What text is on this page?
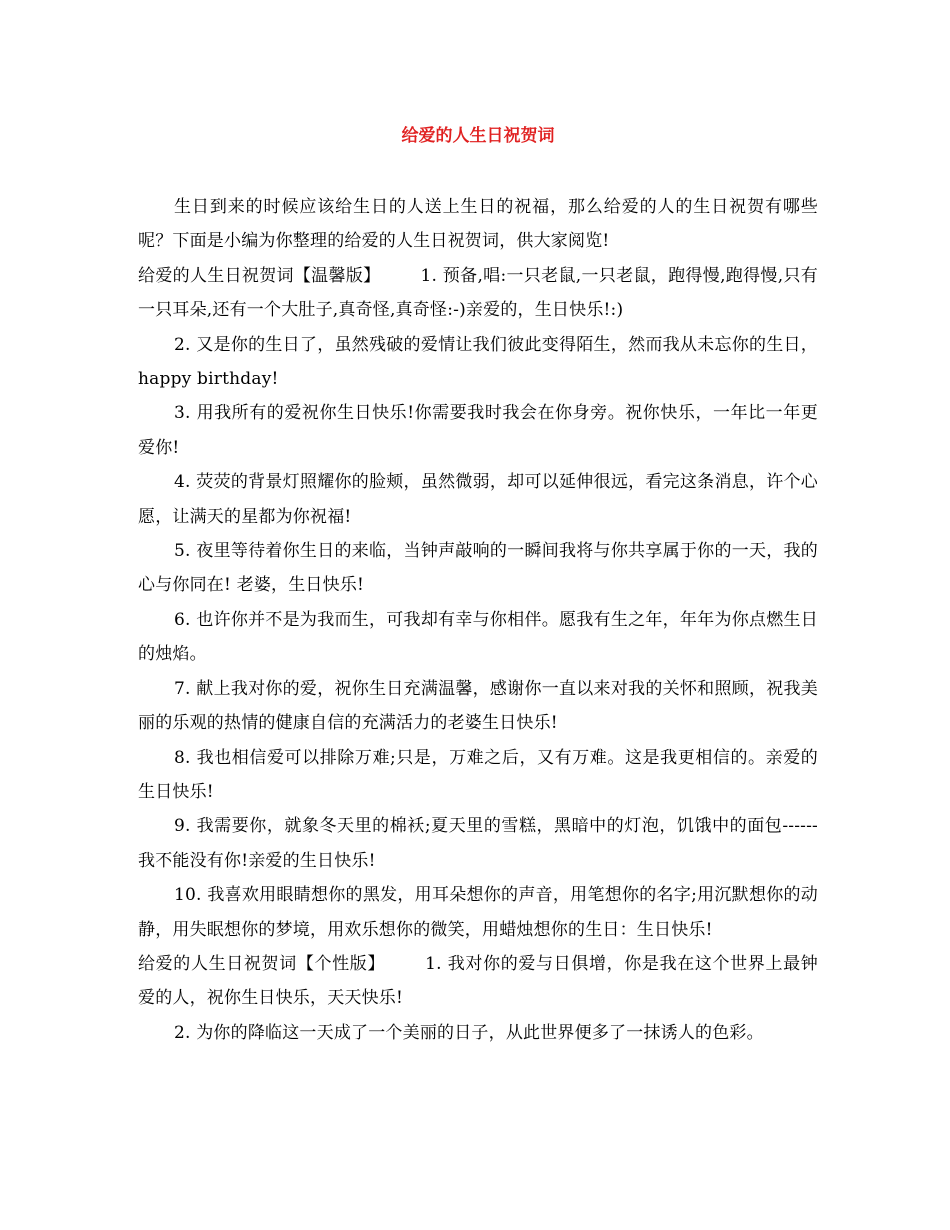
给爱的人生日祝贺词

生日到来的时候应该给生日的人送上生日的祝福，那么给爱的人的生日祝贺有哪些呢？下面是小编为你整理的给爱的人生日祝贺词，供大家阅览!

给爱的人生日祝贺词【温馨版】 1. 预备,唱:一只老鼠,一只老鼠，跑得慢,跑得慢,只有一只耳朵,还有一个大肚子,真奇怪,真奇怪:-)亲爱的，生日快乐!:)

2. 又是你的生日了，虽然残破的爱情让我们彼此变得陌生，然而我从未忘你的生日， happy birthday!

3. 用我所有的爱祝你生日快乐!你需要我时我会在你身旁。祝你快乐，一年比一年更爱你!

4. 荧荧的背景灯照耀你的脸颊，虽然微弱，却可以延伸很远，看完这条消息，许个心愿，让满天的星都为你祝福!

5. 夜里等待着你生日的来临，当钟声敲响的一瞬间我将与你共享属于你的一天，我的心与你同在! 老婆，生日快乐!

6. 也许你并不是为我而生，可我却有幸与你相伴。愿我有生之年，年年为你点燃生日的烛焰。

7. 献上我对你的爱，祝你生日充满温馨，感谢你一直以来对我的关怀和照顾，祝我美丽的乐观的热情的健康自信的充满活力的老婆生日快乐!

8. 我也相信爱可以排除万难;只是，万难之后，又有万难。这是我更相信的。亲爱的生日快乐!

9. 我需要你，就象冬天里的棉袄;夏天里的雪糕，黑暗中的灯泡，饥饿中的面包------我不能没有你!亲爱的生日快乐!

10. 我喜欢用眼睛想你的黑发，用耳朵想你的声音，用笔想你的名字;用沉默想你的动静，用失眠想你的梦境，用欢乐想你的微笑，用蜡烛想你的生日：生日快乐!

给爱的人生日祝贺词【个性版】 1. 我对你的爱与日俱增，你是我在这个世界上最钟爱的人，祝你生日快乐，天天快乐!

2. 为你的降临这一天成了一个美丽的日子，从此世界便多了一抹诱人的色彩。
